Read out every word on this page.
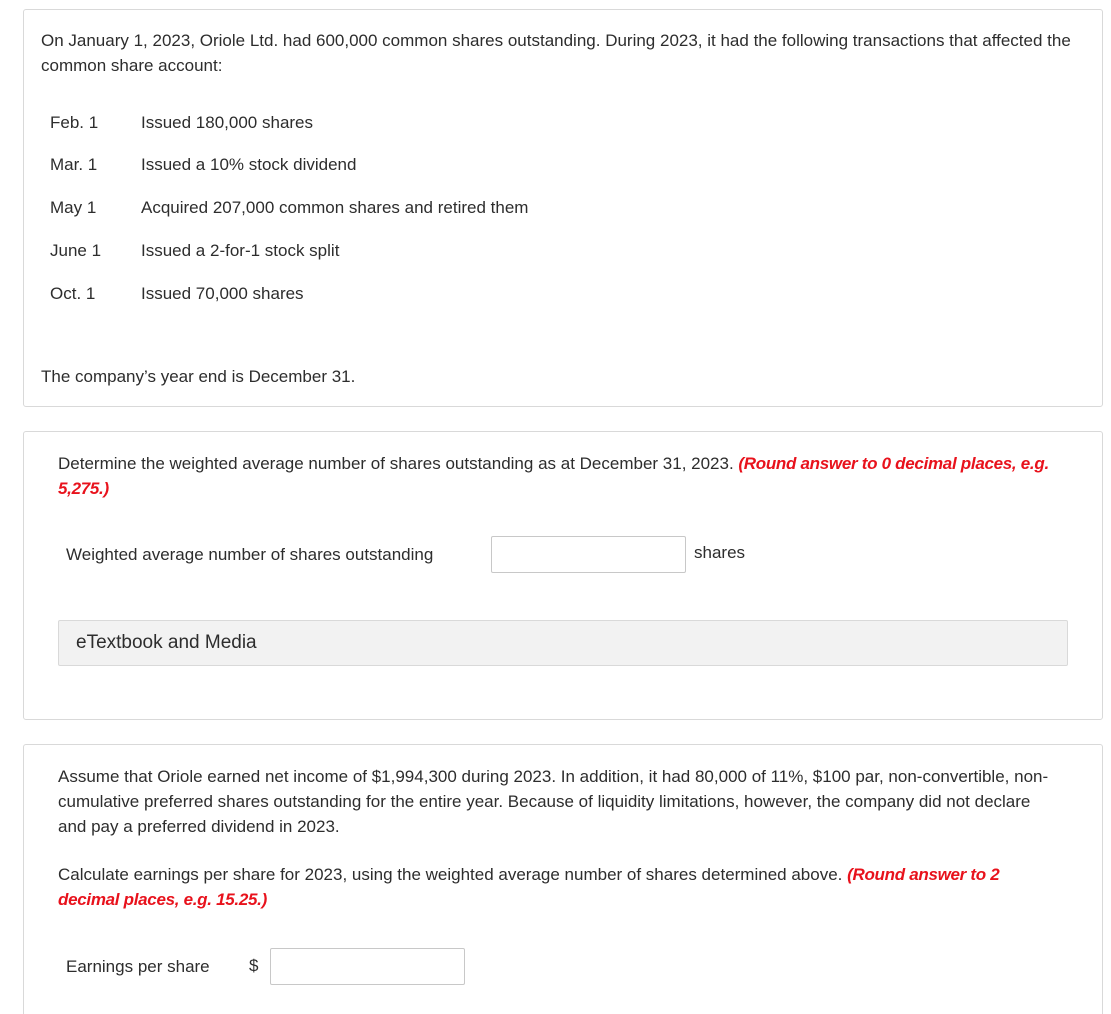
On January 1, 2023, Oriole Ltd. had 600,000 common shares outstanding. During 2023, it had the following transactions that affected the common share account:
Feb. 1	Issued 180,000 shares
Mar. 1	Issued a 10% stock dividend
May 1	Acquired 207,000 common shares and retired them
June 1	Issued a 2-for-1 stock split
Oct. 1	Issued 70,000 shares
The company’s year end is December 31.
Determine the weighted average number of shares outstanding as at December 31, 2023. (Round answer to 0 decimal places, e.g. 5,275.)
Weighted average number of shares outstanding	shares
eTextbook and Media
Assume that Oriole earned net income of $1,994,300 during 2023. In addition, it had 80,000 of 11%, $100 par, non-convertible, non-cumulative preferred shares outstanding for the entire year. Because of liquidity limitations, however, the company did not declare and pay a preferred dividend in 2023.
Calculate earnings per share for 2023, using the weighted average number of shares determined above. (Round answer to 2 decimal places, e.g. 15.25.)
Earnings per share $
